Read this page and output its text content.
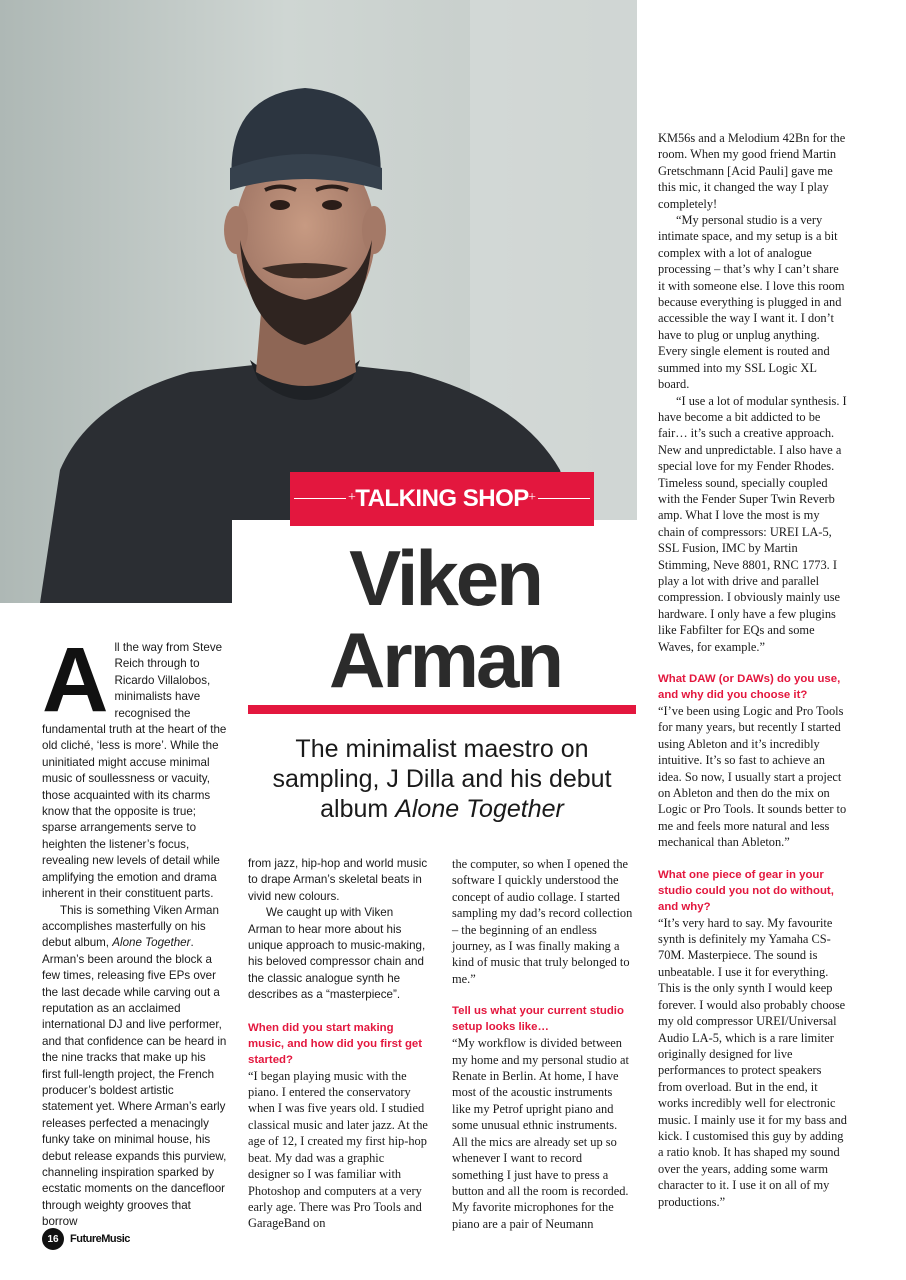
+	+
TALKING SHOP
Viken
Arman
The minimalist maestro on sampling, J Dilla and his debut album Alone Together

All the way from Steve Reich through to Ricardo Villalobos, minimalists have recognised the fundamental truth at the heart of the old cliché, ‘less is more’. While the uninitiated might accuse minimal music of soullessness or vacuity, those acquainted with its charms know that the opposite is true; sparse arrangements serve to heighten the listener’s focus, revealing new levels of detail while amplifying the emotion and drama inherent in their constituent parts.

This is something Viken Arman accomplishes masterfully on his debut album, Alone Together. Arman’s been around the block a few times, releasing five EPs over the last decade while carving out a reputation as an acclaimed international DJ and live performer, and that confidence can be heard in the nine tracks that make up his first full-length project, the French producer’s boldest artistic statement yet. Where Arman’s early releases perfected a menacingly funky take on minimal house, his debut release expands this purview, channeling inspiration sparked by ecstatic moments on the dancefloor through weighty grooves that borrow

from jazz, hip-hop and world music to drape Arman’s skeletal beats in vivid new colours.

We caught up with Viken Arman to hear more about his unique approach to music-making, his beloved compressor chain and the classic analogue synth he describes as a “masterpiece”.

When did you start making music, and how did you first get started?

“I began playing music with the piano. I entered the conservatory when I was five years old. I studied classical music and later jazz. At the age of 12, I created my first hip-hop beat. My dad was a graphic designer so I was familiar with Photoshop and computers at a very early age. There was Pro Tools and GarageBand on

the computer, so when I opened the software I quickly understood the concept of audio collage. I started sampling my dad’s record collection – the beginning of an endless journey, as I was finally making a kind of music that truly belonged to me.”

Tell us what your current studio setup looks like…

“My workflow is divided between my home and my personal studio at Renate in Berlin. At home, I have most of the acoustic instruments like my Petrof upright piano and some unusual ethnic instruments. All the mics are already set up so whenever I want to record something I just have to press a button and all the room is recorded. My favorite microphones for the piano are a pair of Neumann

KM56s and a Melodium 42Bn for the room. When my good friend Martin Gretschmann [Acid Pauli] gave me this mic, it changed the way I play completely!

“My personal studio is a very intimate space, and my setup is a bit complex with a lot of analogue processing – that’s why I can’t share it with someone else. I love this room because everything is plugged in and accessible the way I want it. I don’t have to plug or unplug anything. Every single element is routed and summed into my SSL Logic XL board.

“I use a lot of modular synthesis. I have become a bit addicted to be fair… it’s such a creative approach. New and unpredictable. I also have a special love for my Fender Rhodes. Timeless sound, specially coupled with the Fender Super Twin Reverb amp. What I love the most is my chain of compressors: UREI LA-5, SSL Fusion, IMC by Martin Stimming, Neve 8801, RNC 1773. I play a lot with drive and parallel compression. I obviously mainly use hardware. I only have a few plugins like Fabfilter for EQs and some Waves, for example.”

What DAW (or DAWs) do you use, and why did you choose it?

“I’ve been using Logic and Pro Tools for many years, but recently I started using Ableton and it’s incredibly intuitive. It’s so fast to achieve an idea. So now, I usually start a project on Ableton and then do the mix on Logic or Pro Tools. It sounds better to me and feels more natural and less mechanical than Ableton.”

What one piece of gear in your studio could you not do without, and why?

“It’s very hard to say. My favourite synth is definitely my Yamaha CS-70M. Masterpiece. The sound is unbeatable. I use it for everything. This is the only synth I would keep forever. I would also probably choose my old compressor UREI/Universal Audio LA-5, which is a rare limiter originally designed for live performances to protect speakers from overload. But in the end, it works incredibly well for electronic music. I mainly use it for my bass and kick. I customised this guy by adding a ratio knob. It has shaped my sound over the years, adding some warm character to it. I use it on all of my productions.”

16	FutureMusic
